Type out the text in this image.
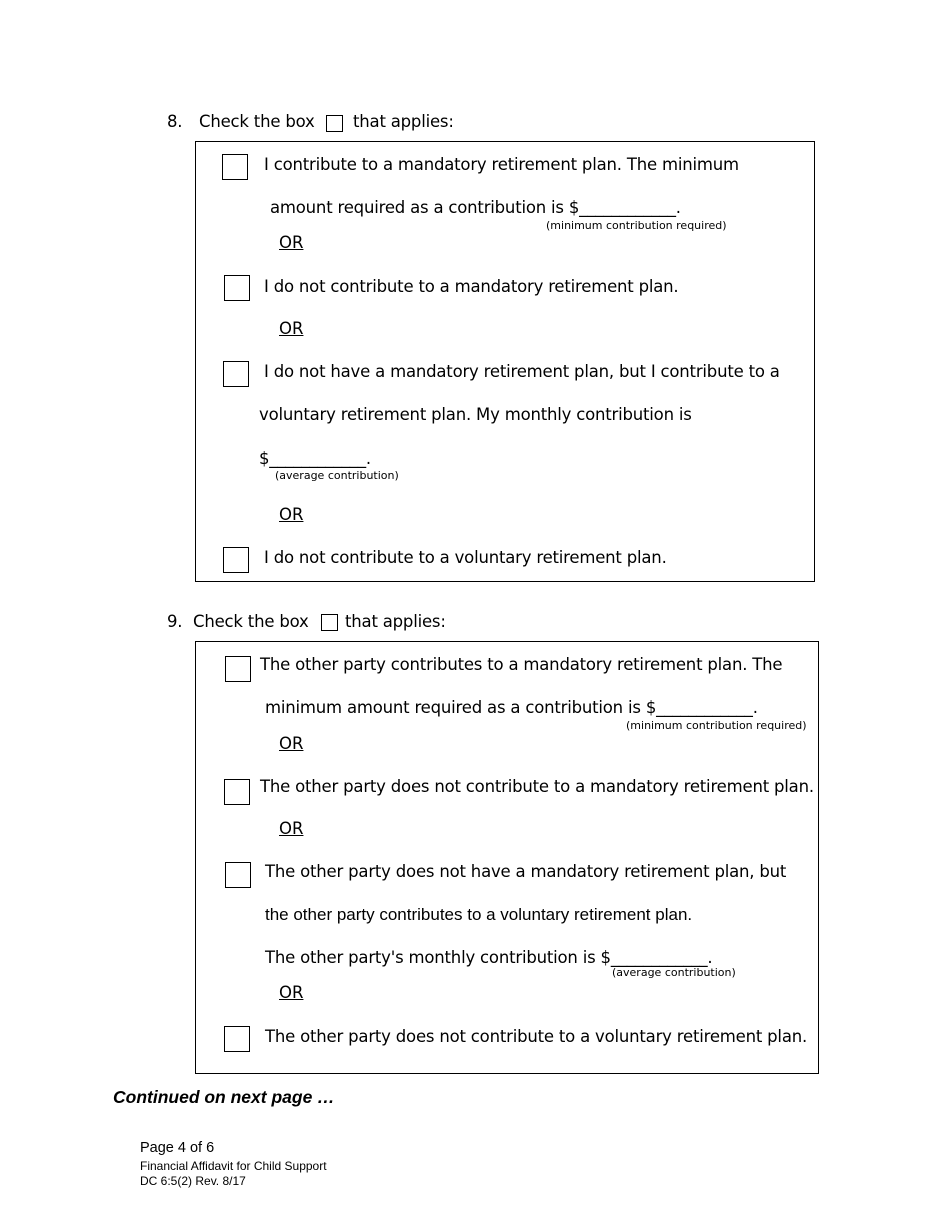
8. Check the box that applies:
I contribute to a mandatory retirement plan. The minimum
amount required as a contribution is $____________.
(minimum contribution required)
OR
I do not contribute to a mandatory retirement plan.
OR
I do not have a mandatory retirement plan, but I contribute to a
voluntary retirement plan. My monthly contribution is
$____________.
(average contribution)
OR
I do not contribute to a voluntary retirement plan.
9. Check the box that applies:
The other party contributes to a mandatory retirement plan. The
minimum amount required as a contribution is $____________.
(minimum contribution required)
OR
The other party does not contribute to a mandatory retirement plan.
OR
The other party does not have a mandatory retirement plan, but
the other party contributes to a voluntary retirement plan.
The other party's monthly contribution is $____________.
(average contribution)
OR
The other party does not contribute to a voluntary retirement plan.
Continued on next page …
Page 4 of 6
Financial Affidavit for Child Support
DC 6:5(2) Rev. 8/17
